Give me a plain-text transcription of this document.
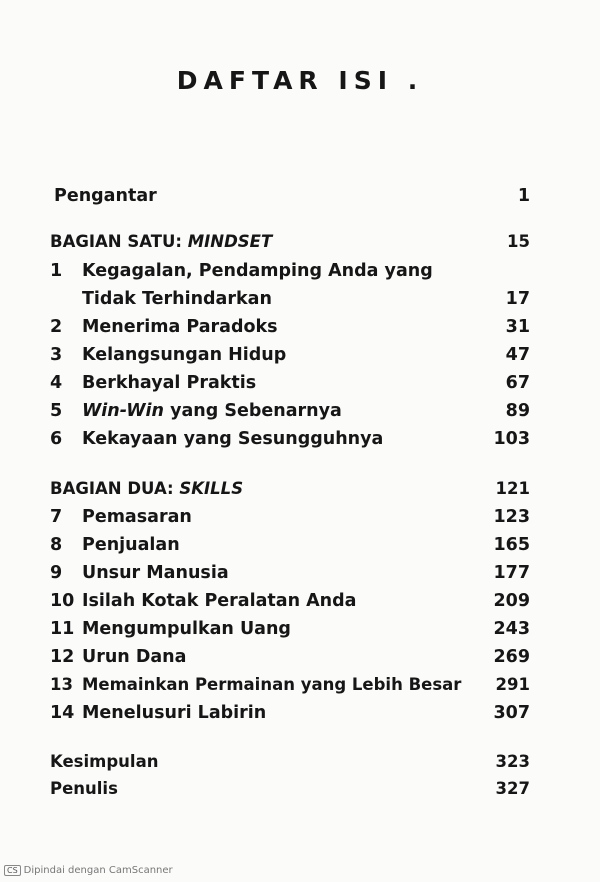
DAFTAR ISI .
Pengantar	1
BAGIAN SATU: MINDSET	15
1 Kegagalan, Pendamping Anda yang
Tidak Terhindarkan	17
2 Menerima Paradoks	31
3 Kelangsungan Hidup	47
4 Berkhayal Praktis	67
5 Win-Win yang Sebenarnya	89
6 Kekayaan yang Sesungguhnya	103
BAGIAN DUA: SKILLS	121
7 Pemasaran	123
8 Penjualan	165
9 Unsur Manusia	177
10 Isilah Kotak Peralatan Anda	209
11 Mengumpulkan Uang	243
12 Urun Dana	269
13 Memainkan Permainan yang Lebih Besar 291
14 Menelusuri Labirin	307
Kesimpulan	323
Penulis	327
CS Dipindai dengan CamScanner
